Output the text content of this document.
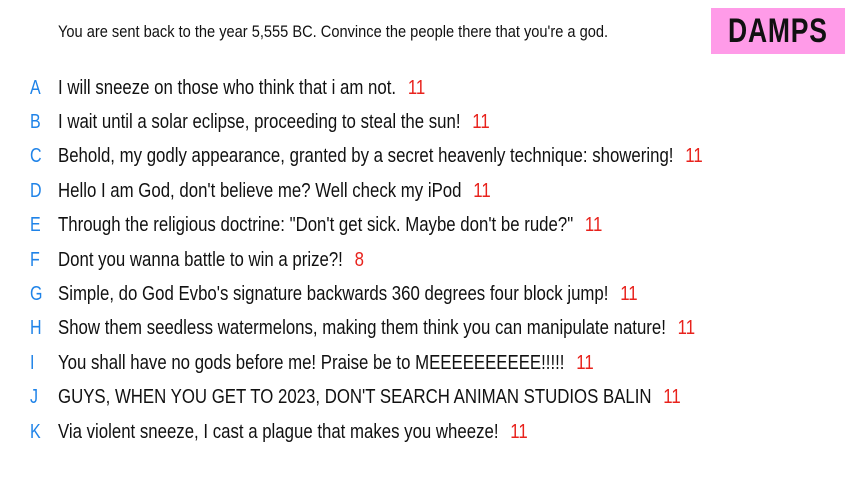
You are sent back to the year 5,555 BC. Convince the people there that you're a god.	DAMPS
A I will sneeze on those who think that i am not. 11
B I wait until a solar eclipse, proceeding to steal the sun! 11
C Behold, my godly appearance, granted by a secret heavenly technique: showering! 11
D Hello I am God, don't believe me? Well check my iPod 11
E Through the religious doctrine: "Don't get sick. Maybe don't be rude?" 11
F Dont you wanna battle to win a prize?! 8
G Simple, do God Evbo's signature backwards 360 degrees four block jump! 11
H Show them seedless watermelons, making them think you can manipulate nature! 11
I	You shall have no gods before me! Praise be to MEEEEEEEEEE!!!!! 11
J	GUYS, WHEN YOU GET TO 2023, DON'T SEARCH ANIMAN STUDIOS BALIN 11
K Via violent sneeze, I cast a plague that makes you wheeze! 11
